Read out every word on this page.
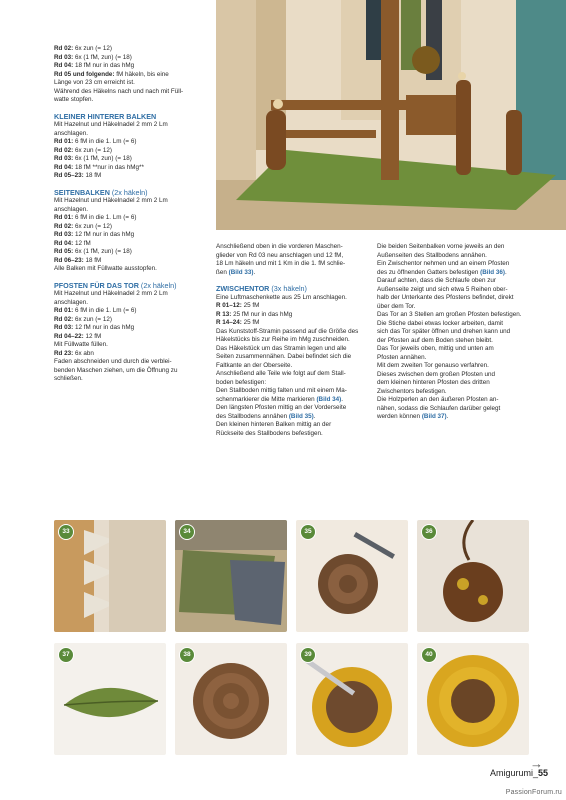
Rd 02: 6x zun (= 12)

Rd 03: 6x (1 fM, zun) (= 18)

Rd 04: 18 fM nur in das hMg

Rd 05 und folgende: fM häkeln, bis eine

Länge von 23 cm erreicht ist.

Während des Häkelns nach und nach mit Füll-

watte stopfen.

KLEINER HINTERER BALKEN

Mit Hazelnut und Häkelnadel 2 mm 2 Lm

anschlagen.

Rd 01: 6 fM in die 1. Lm (= 6)

Rd 02: 6x zun (= 12)

Rd 03: 6x (1 fM, zun) (= 18)

Rd 04: 18 fM **nur in das hMg**

Rd 05–23: 18 fM

SEITENBALKEN (2x häkeln)

Mit Hazelnut und Häkelnadel 2 mm 2 Lm

anschlagen.

Rd 01: 6 fM in die 1. Lm (= 6)

Rd 02: 6x zun (= 12)

Rd 03: 12 fM nur in das hMg

Rd 04: 12 fM

Rd 05: 6x (1 fM, zun) (= 18)

Rd 06–23: 18 fM

Alle Balken mit Füllwatte ausstopfen.

PFOSTEN FÜR DAS TOR (2x häkeln)

Mit Hazelnut und Häkelnadel 2 mm 2 Lm

anschlagen.

Rd 01: 6 fM in die 1. Lm (= 6)

Rd 02: 6x zun (= 12)

Rd 03: 12 fM nur in das hMg

Rd 04–22: 12 fM

Mit Füllwatte füllen.

Rd 23: 6x abn

Faden abschneiden und durch die verblei-

benden Maschen ziehen, um die Öffnung zu

schließen.

Anschließend oben in die vorderen Maschen-

glieder von Rd 03 neu anschlagen und 12 fM,

18 Lm häkeln und mit 1 Km in die 1. fM schlie-

ßen (Bild 33).

ZWISCHENTOR (3x häkeln)

Eine Luftmaschenkette aus 25 Lm anschlagen.

R 01–12: 25 fM

R 13: 25 fM nur in das hMg

R 14–24: 25 fM

Das Kunststoff-Stramin passend auf die Größe des

Häkelstücks bis zur Reihe im hMg zuschneiden.

Das Häkelstück um das Stramin legen und alle

Seiten zusammennähen. Dabei befindet sich die

Faltkante an der Oberseite.

Anschließend alle Teile wie folgt auf dem Stall-

boden befestigen:

Den Stallboden mittig falten und mit einem Ma-

schenmarkierer die Mitte markieren (Bild 34).

Den längsten Pfosten mittig an der Vorderseite

des Stallbodens annähen (Bild 35).

Den kleinen hinteren Balken mittig an der

Rückseite des Stallbodens befestigen.

Die beiden Seitenbalken vorne jeweils an den

Außenseiten des Stallbodens annähen.

Ein Zwischentor nehmen und an einem Pfosten

des zu öffnenden Gatters befestigen (Bild 36).

Darauf achten, dass die Schlaufe oben zur

Außenseite zeigt und sich etwa 5 Reihen ober-

halb der Unterkante des Pfostens befindet, direkt

über dem Tor.

Das Tor an 3 Stellen am großen Pfosten befestigen.

Die Stiche dabei etwas locker arbeiten, damit

sich das Tor später öffnen und drehen kann und

der Pfosten auf dem Boden stehen bleibt.

Das Tor jeweils oben, mittig und unten am

Pfosten annähen.

Mit dem zweiten Tor genauso verfahren.

Dieses zwischen dem großen Pfosten und

dem kleinen hinteren Pfosten des dritten

Zwischentors befestigen.

Die Holzperlen an den äußeren Pfosten an-

nähen, sodass die Schlaufen darüber gelegt

werden können (Bild 37).

33	34	35	36
37	38	39	40
→
Amigurumi_55
PassionForum.ru
